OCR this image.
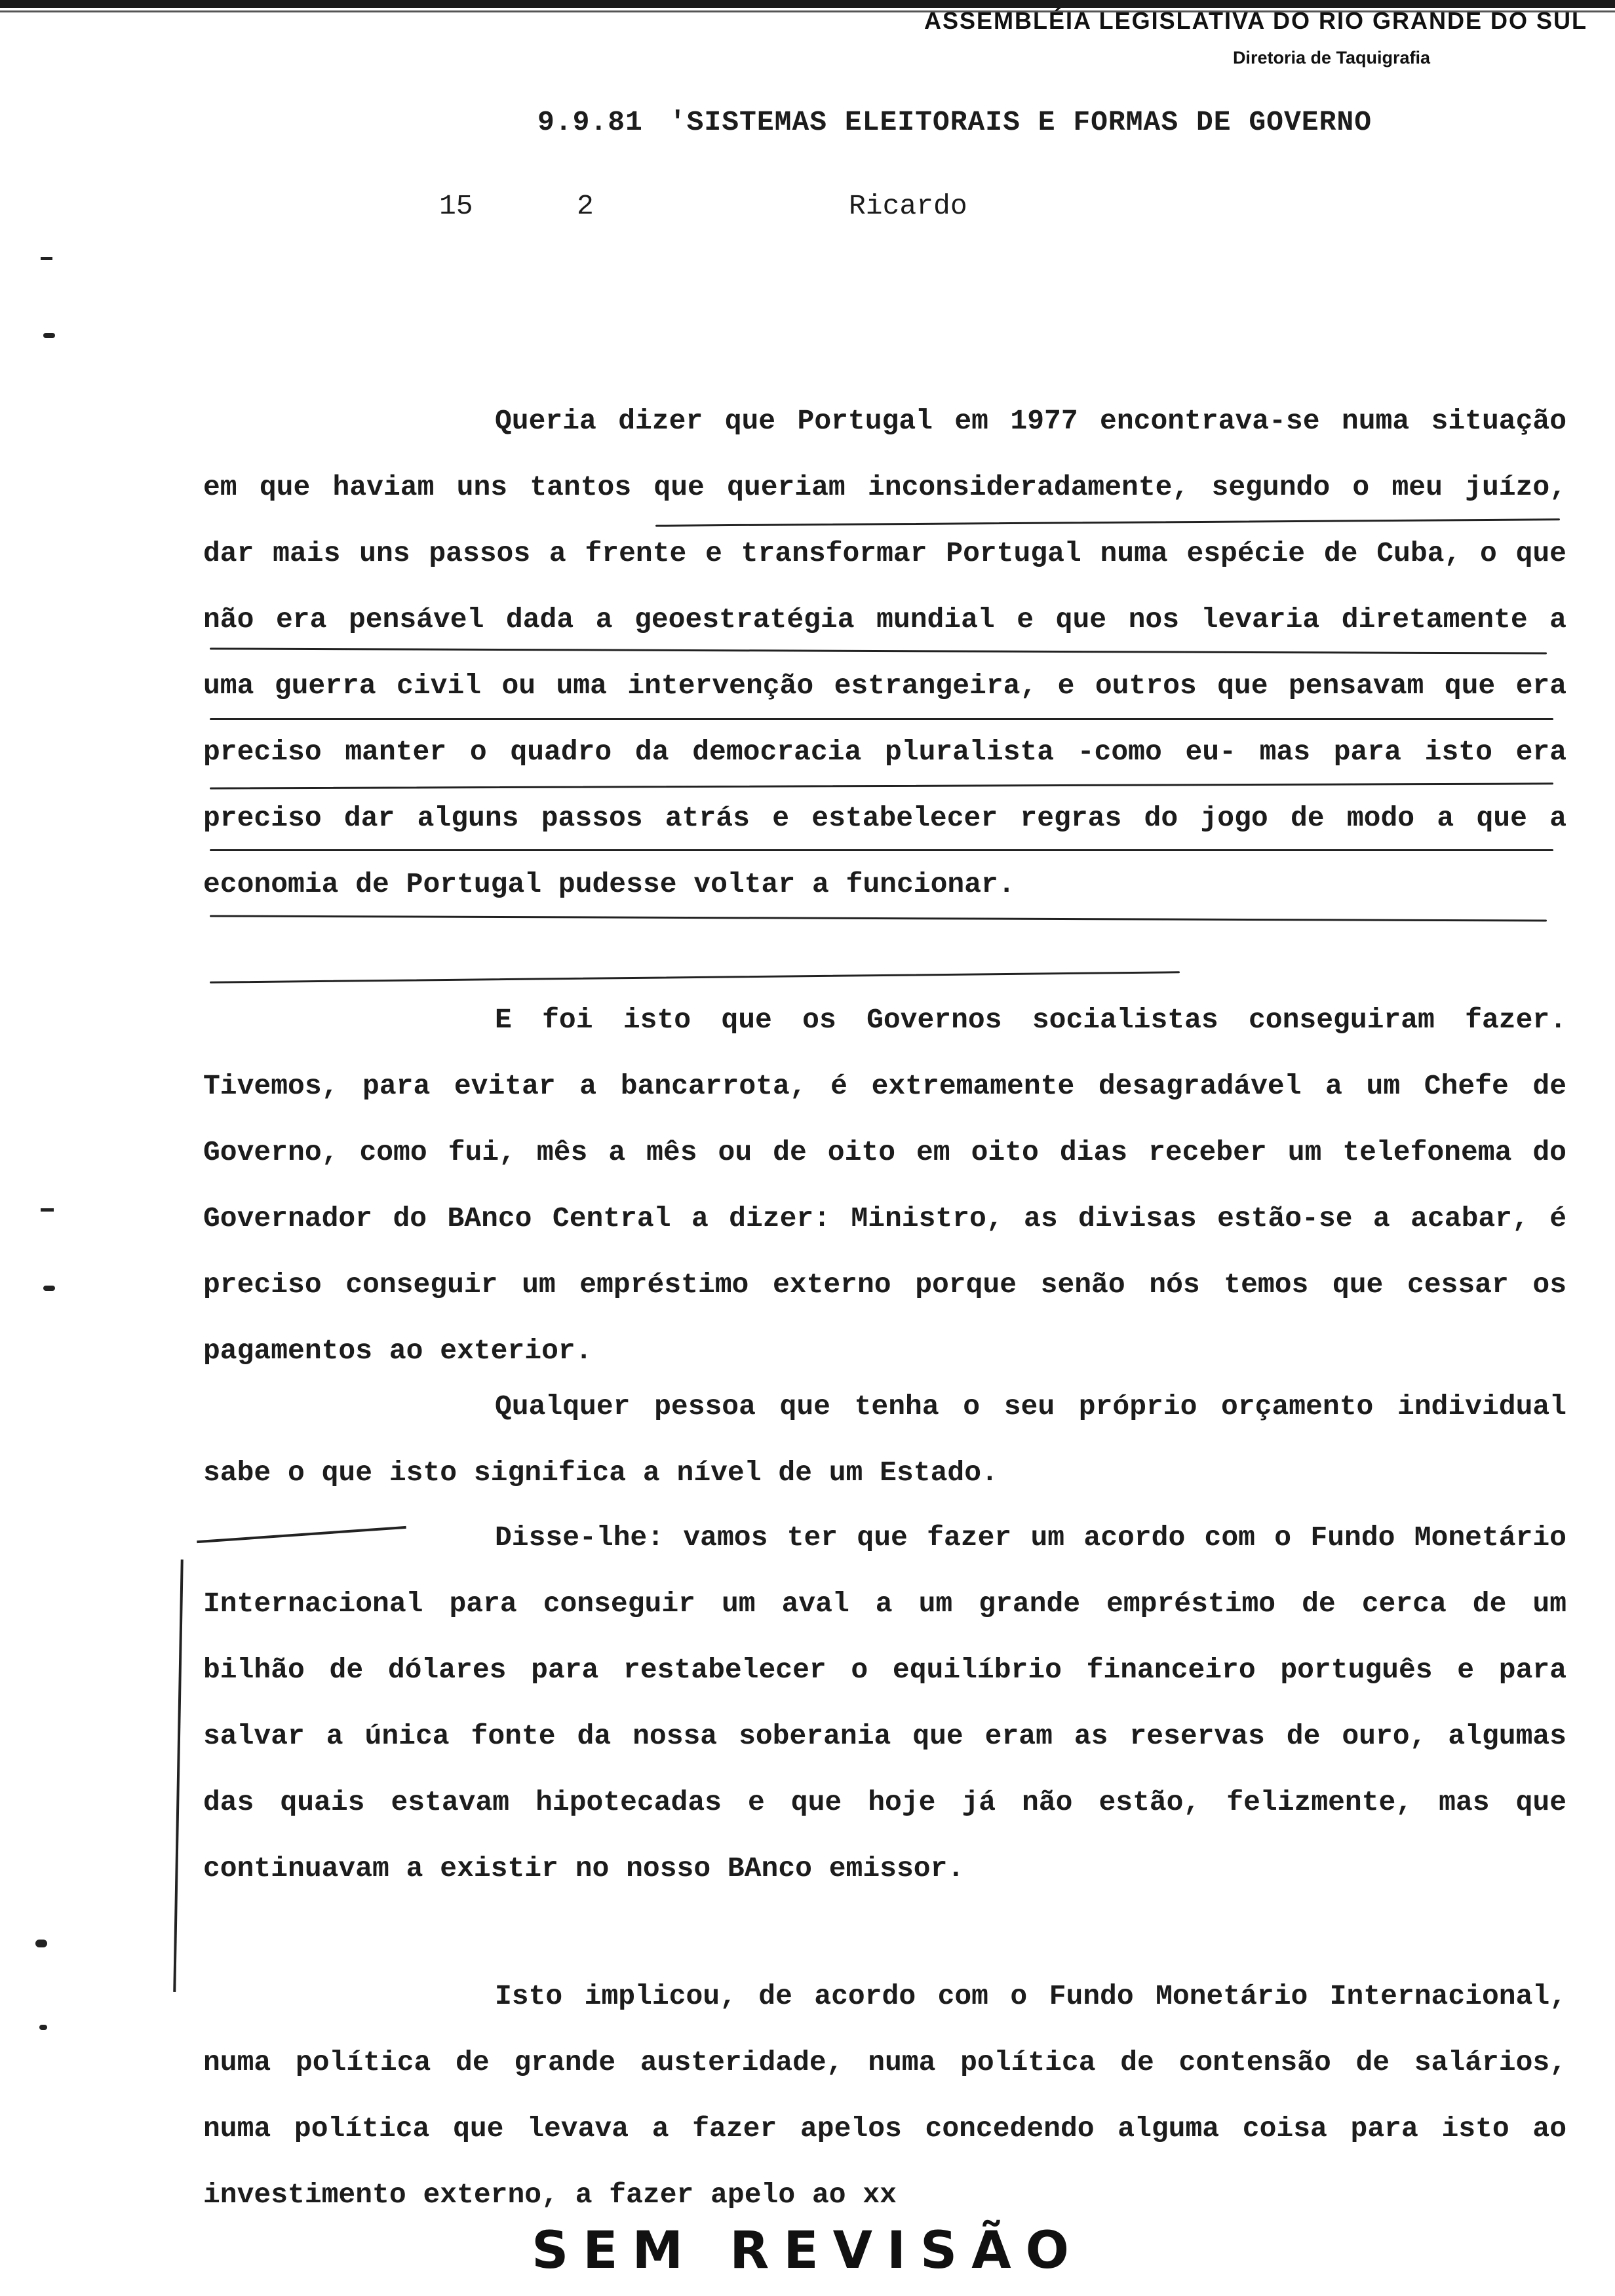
ASSEMBLÉIA LEGISLATIVA DO RIO GRANDE DO SUL
Diretoria de Taquigrafia
9.9.81 'SISTEMAS ELEITORAIS E FORMAS DE GOVERNO
15	2	Ricardo
Queria dizer que Portugal em 1977 encontrava-se numa situação em que haviam uns tantos que queriam inconsideradamente, segundo o meu juízo, dar mais uns passos a frente e transformar Portugal numa espécie de Cuba, o que não era pensável dada a geoestratégia mundial e que nos levaria diretamente a uma guerra civil ou uma intervenção estrangeira, e outros que pensavam que era preciso manter o quadro da democracia pluralista -como eu- mas para isto era preciso dar alguns passos atrás e estabelecer regras do jogo de modo a que a economia de Portugal pudesse voltar a funcionar.
E foi isto que os Governos socialistas conseguiram fazer. Tivemos, para evitar a bancarrota, é extremamente desagradável a um Chefe de Governo, como fui, mês a mês ou de oito em oito dias receber um telefonema do Governador do BAnco Central a dizer: Ministro, as divisas estão-se a acabar, é preciso conseguir um empréstimo externo porque senão nós temos que cessar os pagamentos ao exterior.
Qualquer pessoa que tenha o seu próprio orçamento individual sabe o que isto significa a nível de um Estado.
Disse-lhe: vamos ter que fazer um acordo com o Fundo Monetário Internacional para conseguir um aval a um grande empréstimo de cerca de um bilhão de dólares para restabelecer o equilíbrio financeiro português e para salvar a única fonte da nossa soberania que eram as reservas de ouro, algumas das quais estavam hipotecadas e que hoje já não estão, felizmente, mas que continuavam a existir no nosso BAnco emissor.
Isto implicou, de acordo com o Fundo Monetário Internacional, numa política de grande austeridade, numa política de contensão de salários, numa política que levava a fazer apelos concedendo alguma coisa para isto ao investimento externo, a fazer apelo ao xx
SEM REVISÃO
